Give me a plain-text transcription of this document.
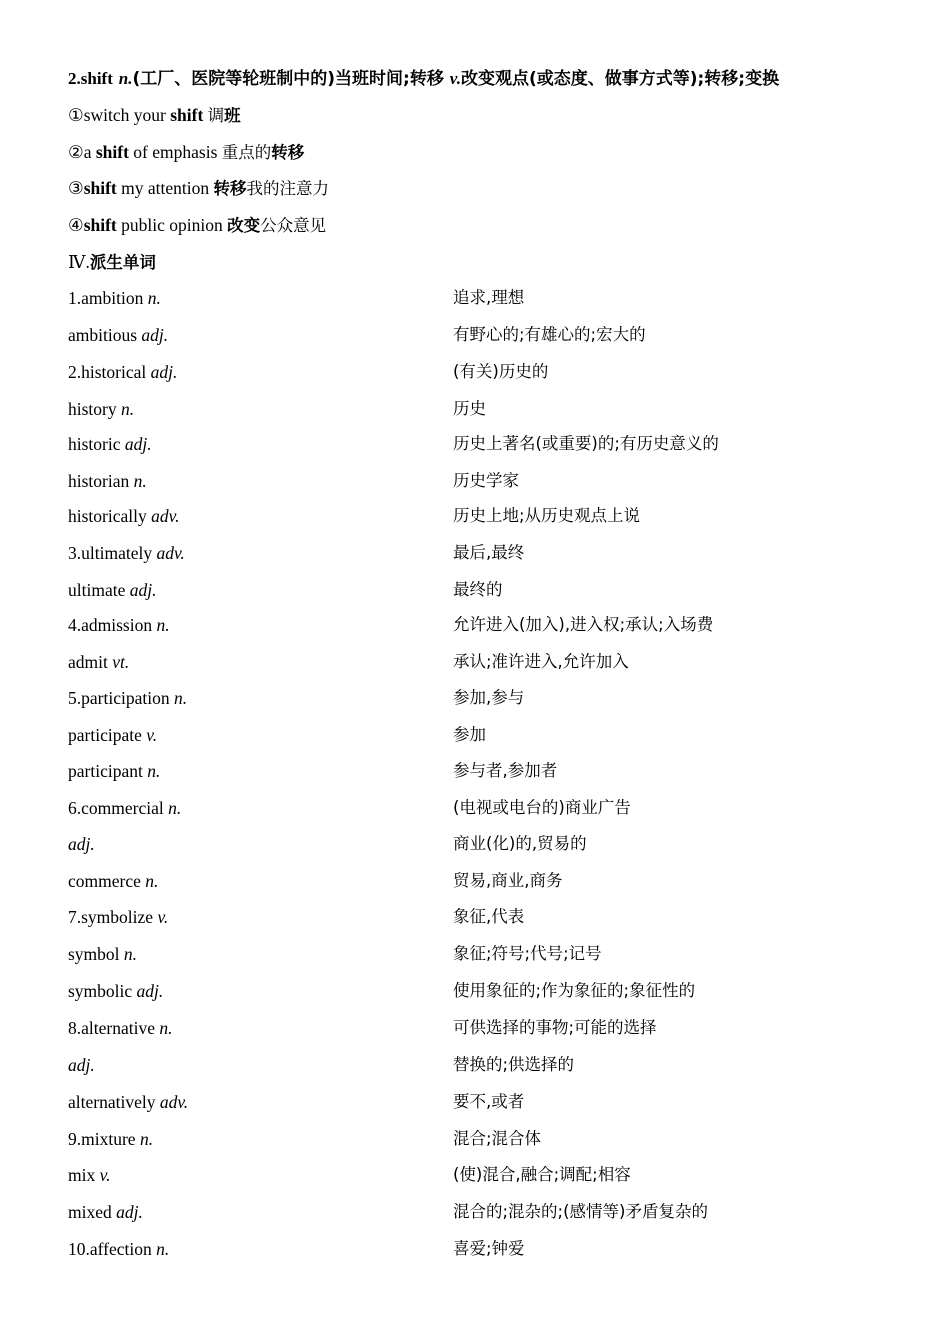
2.shift n.(工厂、医院等轮班制中的)当班时间;转移 v.改变观点(或态度、做事方式等);转移;变换
①switch your shift 调班
②a shift of emphasis 重点的转移
③shift my attention 转移我的注意力
④shift public opinion 改变公众意见
Ⅳ.派生单词
1.ambition n.	追求,理想
ambitious adj.	有野心的;有雄心的;宏大的
2.historical adj.	(有关)历史的
history n.	历史
historic adj.	历史上著名(或重要)的;有历史意义的
historian n.	历史学家
historically adv.	历史上地;从历史观点上说
3.ultimately adv.	最后,最终
ultimate adj.	最终的
4.admission n.	允许进入(加入),进入权;承认;入场费
admit vt.	承认;准许进入,允许加入
5.participation n.	参加,参与
participate v.	参加
participant n.	参与者,参加者
6.commercial n.	(电视或电台的)商业广告
adj.	商业(化)的,贸易的
commerce n.	贸易,商业,商务
7.symbolize v.	象征,代表
symbol n.	象征;符号;代号;记号
symbolic adj.	使用象征的;作为象征的;象征性的
8.alternative n.	可供选择的事物;可能的选择
adj.	替换的;供选择的
alternatively adv.	要不,或者
9.mixture n.	混合;混合体
mix v.	(使)混合,融合;调配;相容
mixed adj.	混合的;混杂的;(感情等)矛盾复杂的
10.affection n.	喜爱;钟爱
